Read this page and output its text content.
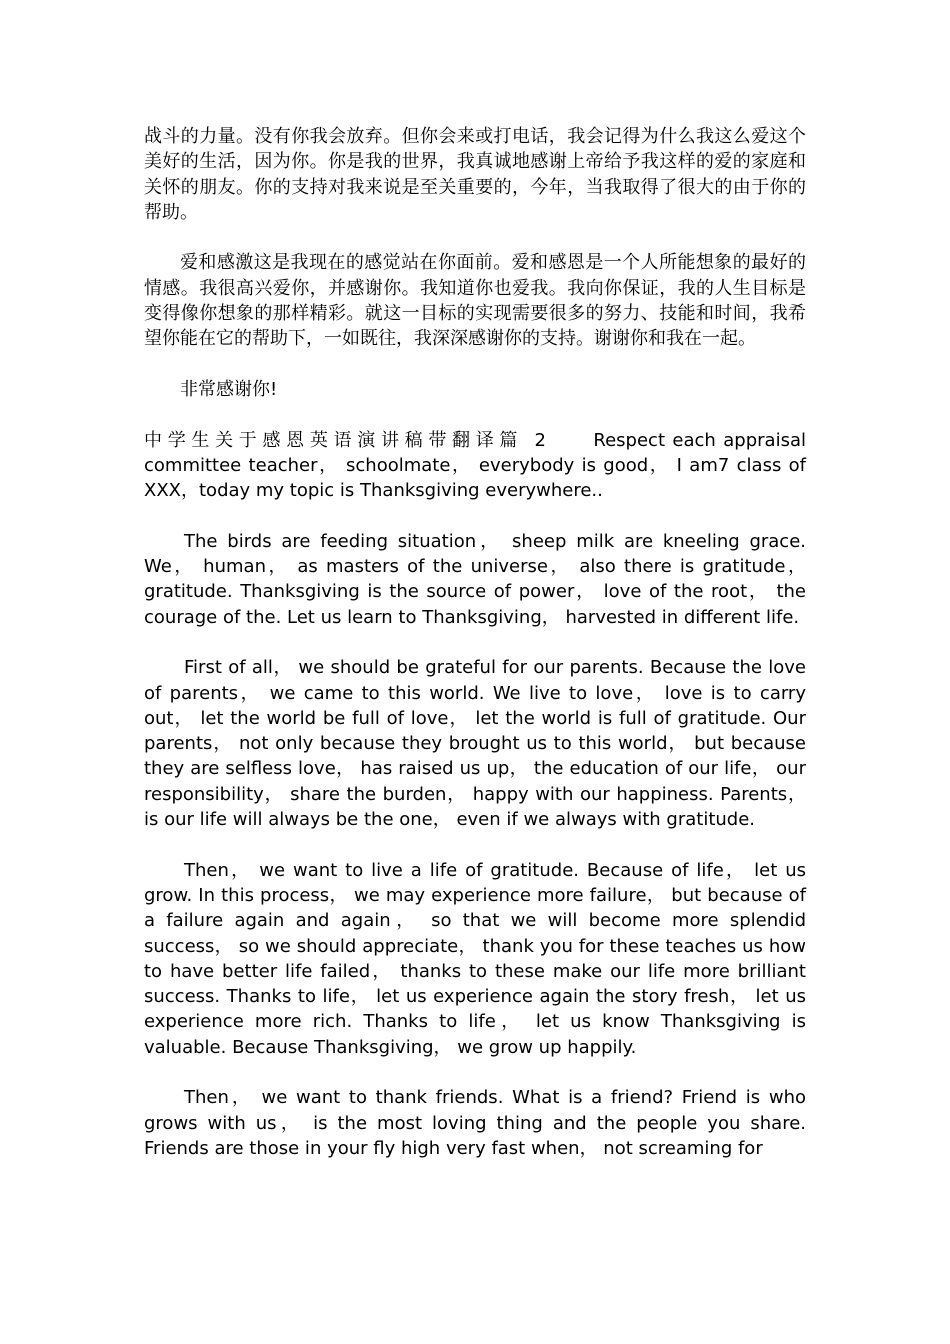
战斗的力量。没有你我会放弃。但你会来或打电话，我会记得为什么我这么爱这个美好的生活，因为你。你是我的世界，我真诚地感谢上帝给予我这样的爱的家庭和关怀的朋友。你的支持对我来说是至关重要的，今年，当我取得了很大的由于你的帮助。

爱和感激这是我现在的感觉站在你面前。爱和感恩是一个人所能想象的最好的情感。我很高兴爱你，并感谢你。我知道你也爱我。我向你保证，我的人生目标是变得像你想象的那样精彩。就这一目标的实现需要很多的努力、技能和时间，我希望你能在它的帮助下，一如既往，我深深感谢你的支持。谢谢你和我在一起。

非常感谢你!

中学生关于感恩英语演讲稿带翻译篇 2   Respect each appraisal committee teacher， schoolmate， everybody is good， I am7 class of XXX，today my topic is Thanksgiving everywhere..

The birds are feeding situation， sheep milk are kneeling grace. We， human， as masters of the universe， also there is gratitude， gratitude. Thanksgiving is the source of power， love of the root， the courage of the. Let us learn to Thanksgiving， harvested in different life.

First of all， we should be grateful for our parents. Because the love of parents， we came to this world. We live to love， love is to carry out， let the world be full of love， let the world is full of gratitude. Our parents， not only because they brought us to this world， but because they are selfless love， has raised us up， the education of our life， our responsibility， share the burden， happy with our happiness. Parents， is our life will always be the one， even if we always with gratitude.

Then， we want to live a life of gratitude. Because of life， let us grow. In this process， we may experience more failure， but because of a failure again and again， so that we will become more splendid success， so we should appreciate， thank you for these teaches us how to have better life failed， thanks to these make our life more brilliant success. Thanks to life， let us experience again the story fresh， let us experience more rich. Thanks to life， let us know Thanksgiving is valuable. Because Thanksgiving， we grow up happily.

Then， we want to thank friends. What is a friend? Friend is who grows with us， is the most loving thing and the people you share. Friends are those in your fly high very fast when， not screaming for
